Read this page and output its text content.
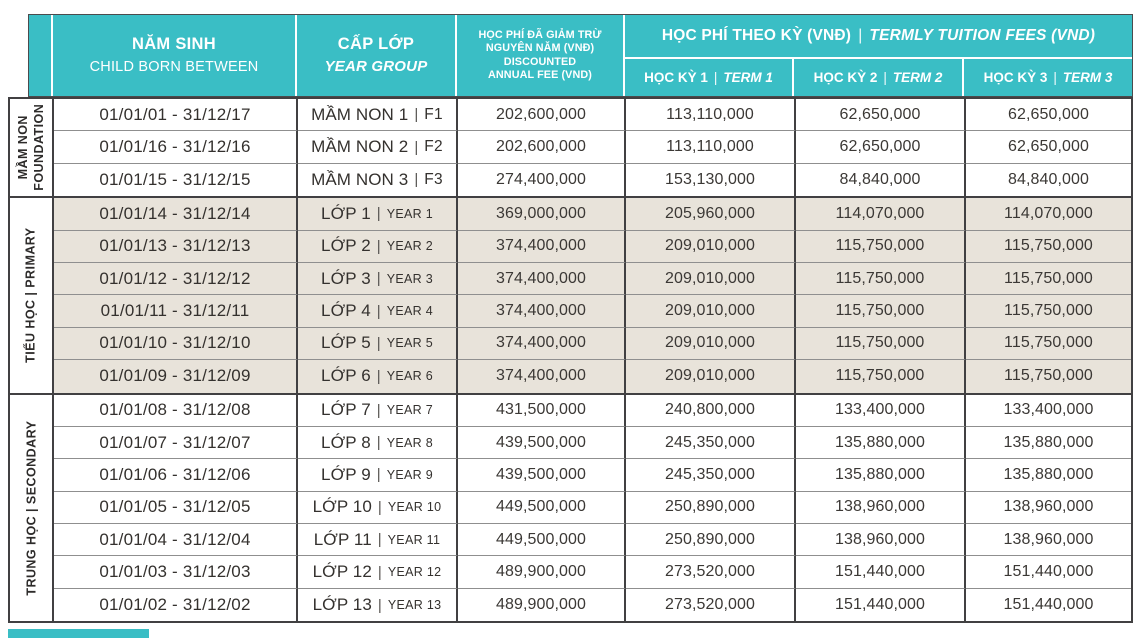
NĂM SINH
CHILD BORN BETWEEN
CẤP LỚP
YEAR GROUP
HỌC PHÍ ĐÃ GIẢM TRỪ
NGUYÊN NĂM (VNĐ)
DISCOUNTED
ANNUAL FEE (VND)
HỌC PHÍ THEO KỲ (VNĐ) | TERMLY TUITION FEES (VND)
HỌC KỲ 1 | TERM 1	HỌC KỲ 2 | TERM 2	HỌC KỲ 3 | TERM 3
MẦM NON FOUNDATION	01/01/01 - 31/12/17	MẦM NON 1 | F1	202,600,000	113,110,000	62,650,000	62,650,000
01/01/16 - 31/12/16	MẦM NON 2 | F2	202,600,000	113,110,000	62,650,000	62,650,000
01/01/15 - 31/12/15	MẦM NON 3 | F3	274,400,000	153,130,000	84,840,000	84,840,000
TIỂU HỌC | PRIMARY
01/01/14 - 31/12/14	LỚP 1 | YEAR 1	369,000,000	205,960,000	114,070,000	114,070,000
01/01/13 - 31/12/13	LỚP 2 | YEAR 2	374,400,000	209,010,000	115,750,000	115,750,000
01/01/12 - 31/12/12	LỚP 3 | YEAR 3	374,400,000	209,010,000	115,750,000	115,750,000
01/01/11 - 31/12/11	LỚP 4 | YEAR 4	374,400,000	209,010,000	115,750,000	115,750,000
01/01/10 - 31/12/10	LỚP 5 | YEAR 5	374,400,000	209,010,000	115,750,000	115,750,000
01/01/09 - 31/12/09	LỚP 6 | YEAR 6	374,400,000	209,010,000	115,750,000	115,750,000
TRUNG HỌC | SECONDARY
01/01/08 - 31/12/08	LỚP 7 | YEAR 7	431,500,000	240,800,000	133,400,000	133,400,000
01/01/07 - 31/12/07	LỚP 8 | YEAR 8	439,500,000	245,350,000	135,880,000	135,880,000
01/01/06 - 31/12/06	LỚP 9 | YEAR 9	439,500,000	245,350,000	135,880,000	135,880,000
01/01/05 - 31/12/05	LỚP 10 | YEAR 10	449,500,000	250,890,000	138,960,000	138,960,000
01/01/04 - 31/12/04	LỚP 11 | YEAR 11	449,500,000	250,890,000	138,960,000	138,960,000
01/01/03 - 31/12/03	LỚP 12 | YEAR 12	489,900,000	273,520,000	151,440,000	151,440,000
01/01/02 - 31/12/02	LỚP 13 | YEAR 13	489,900,000	273,520,000	151,440,000	151,440,000
